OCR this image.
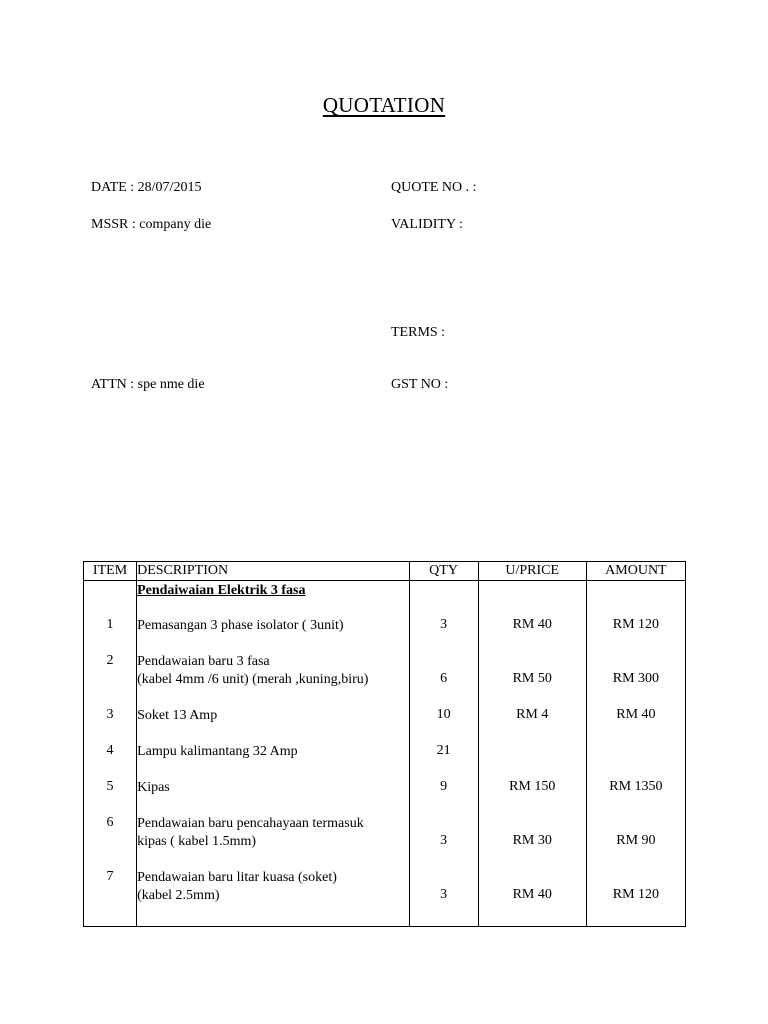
QUOTATION
DATE : 28/07/2015
MSSR : company die
ATTN : spe nme die
QUOTE NO . :
VALIDITY :
TERMS :
GST NO :
ITEM	DESCRIPTION	QTY	U/PRICE	AMOUNT

	Pendaiwaian Elektrik 3 fasa			

1	Pemasangan 3 phase isolator ( 3unit)	3	RM 40	RM 120
2	Pendawaian baru 3 fasa
(kabel 4mm /6 unit) (merah ,kuning,biru)	6	RM 50	RM 300
3	Soket 13 Amp	10	RM 4	RM 40
4	Lampu kalimantang 32 Amp	21		
5	Kipas	9	RM 150	RM 1350
6	Pendawaian baru pencahayaan termasuk
kipas ( kabel 1.5mm)	3	RM 30	RM 90
7	Pendawaian baru litar kuasa (soket)
(kabel 2.5mm)	3	RM 40	RM 120
